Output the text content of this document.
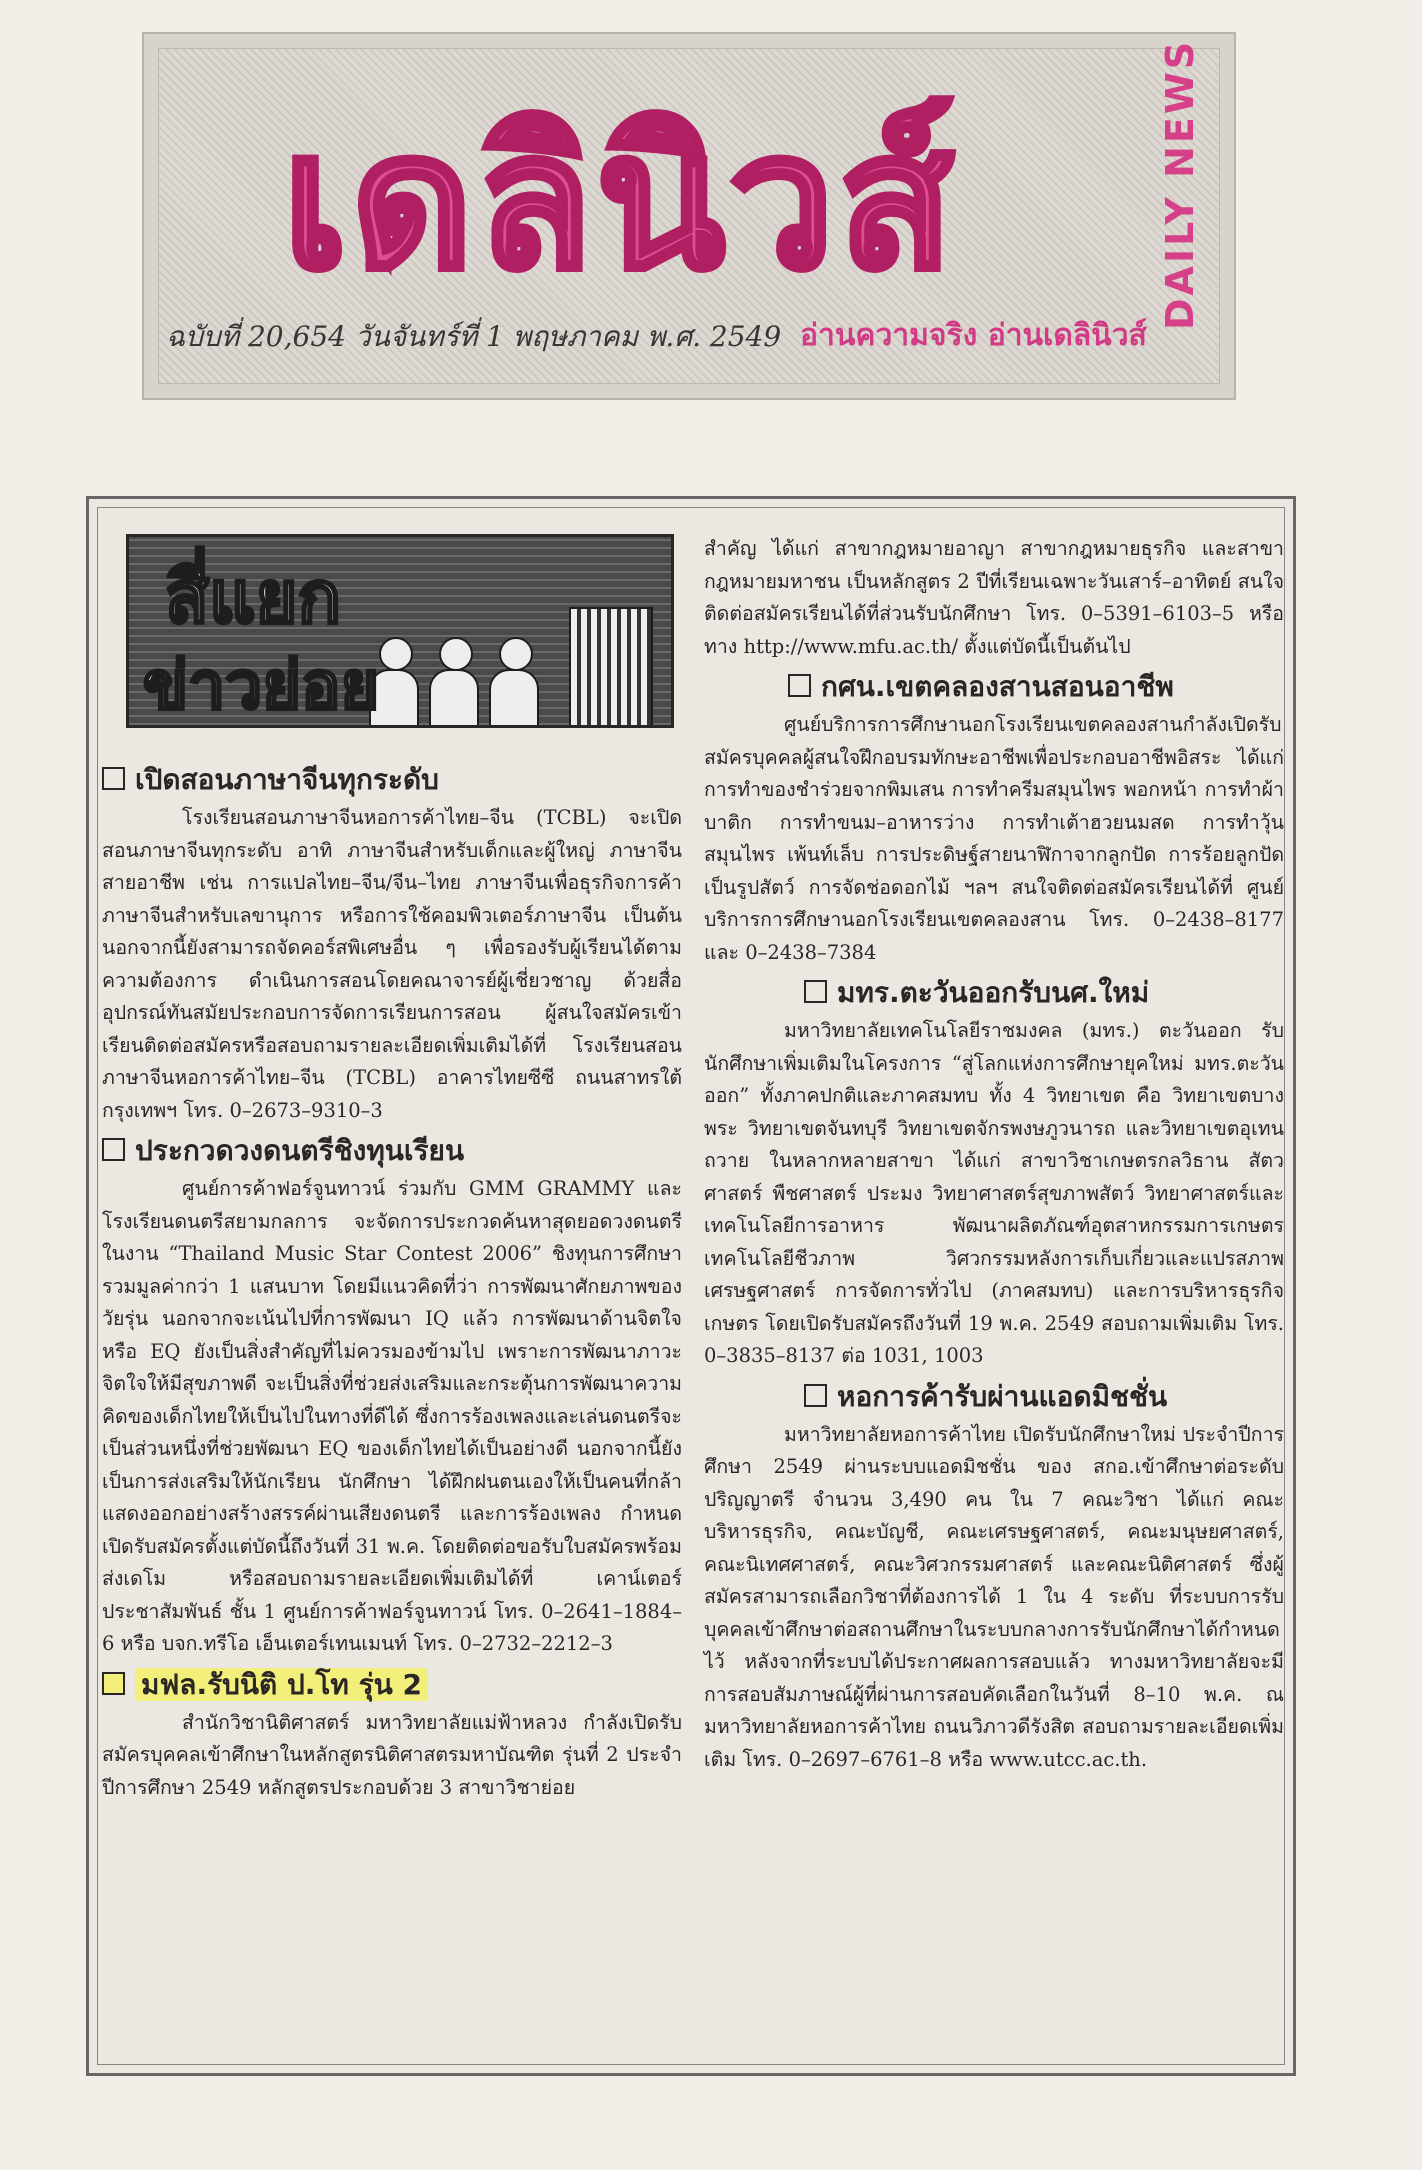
เดลินิวส์	DAILY NEWS
ฉบับที่ 20,654 วันจันทร์ที่ 1 พฤษภาคม พ.ศ. 2549 อ่านความจริง อ่านเดลินิวส์
สี่แยก
ข่าวย่อย
เปิดสอนภาษาจีนทุกระดับ

โรงเรียนสอนภาษาจีนหอการค้าไทย–จีน (TCBL) จะเปิดสอนภาษาจีนทุกระดับ อาทิ ภาษาจีนสำหรับเด็กและผู้ใหญ่ ภาษาจีนสายอาชีพ เช่น การแปลไทย–จีน/จีน–ไทย ภาษาจีนเพื่อธุรกิจการค้า ภาษาจีนสำหรับเลขานุการ หรือการใช้คอมพิวเตอร์ภาษาจีน เป็นต้น นอกจากนี้ยังสามารถจัดคอร์สพิเศษอื่น ๆ เพื่อรองรับผู้เรียนได้ตามความต้องการ ดำเนินการสอนโดยคณาจารย์ผู้เชี่ยวชาญ ด้วยสื่ออุปกรณ์ทันสมัยประกอบการจัดการเรียนการสอน ผู้สนใจสมัครเข้าเรียนติดต่อสมัครหรือสอบถามรายละเอียดเพิ่มเติมได้ที่ โรงเรียนสอนภาษาจีนหอการค้าไทย–จีน (TCBL) อาคารไทยซีซี ถนนสาทรใต้ กรุงเทพฯ โทร. 0–2673–9310–3

ประกวดวงดนตรีชิงทุนเรียน

ศูนย์การค้าฟอร์จูนทาวน์ ร่วมกับ GMM GRAMMY และโรงเรียนดนตรีสยามกลการ จะจัดการประกวดค้นหาสุดยอดวงดนตรี ในงาน “Thailand Music Star Contest 2006” ชิงทุนการศึกษารวมมูลค่ากว่า 1 แสนบาท โดยมีแนวคิดที่ว่า การพัฒนาศักยภาพของวัยรุ่น นอกจากจะเน้นไปที่การพัฒนา IQ แล้ว การพัฒนาด้านจิตใจ หรือ EQ ยังเป็นสิ่งสำคัญที่ไม่ควรมองข้ามไป เพราะการพัฒนาภาวะจิตใจให้มีสุขภาพดี จะเป็นสิ่งที่ช่วยส่งเสริมและกระตุ้นการพัฒนาความคิดของเด็กไทยให้เป็นไปในทางที่ดีได้ ซึ่งการร้องเพลงและเล่นดนตรีจะเป็นส่วนหนึ่งที่ช่วยพัฒนา EQ ของเด็กไทยได้เป็นอย่างดี นอกจากนี้ยังเป็นการส่งเสริมให้นักเรียน นักศึกษา ได้ฝึกฝนตนเองให้เป็นคนที่กล้าแสดงออกอย่างสร้างสรรค์ผ่านเสียงดนตรี และการร้องเพลง กำหนดเปิดรับสมัครตั้งแต่บัดนี้ถึงวันที่ 31 พ.ค. โดยติดต่อขอรับใบสมัครพร้อมส่งเดโม หรือสอบถามรายละเอียดเพิ่มเติมได้ที่ เคาน์เตอร์ประชาสัมพันธ์ ชั้น 1 ศูนย์การค้าฟอร์จูนทาวน์ โทร. 0–2641–1884–6 หรือ บจก.ทรีโอ เอ็นเตอร์เทนเมนท์ โทร. 0–2732–2212–3

มฟล.รับนิติ ป.โท รุ่น 2

สำนักวิชานิติศาสตร์ มหาวิทยาลัยแม่ฟ้าหลวง กำลังเปิดรับสมัครบุคคลเข้าศึกษาในหลักสูตรนิติศาสตรมหาบัณฑิต รุ่นที่ 2 ประจำปีการศึกษา 2549 หลักสูตรประกอบด้วย 3 สาขาวิชาย่อย

สำคัญ ได้แก่ สาขากฎหมายอาญา สาขากฎหมายธุรกิจ และสาขากฎหมายมหาชน เป็นหลักสูตร 2 ปีที่เรียนเฉพาะวันเสาร์–อาทิตย์ สนใจติดต่อสมัครเรียนได้ที่ส่วนรับนักศึกษา โทร. 0–5391–6103–5 หรือทาง http://www.mfu.ac.th/ ตั้งแต่บัดนี้เป็นต้นไป

กศน.เขตคลองสานสอนอาชีพ

ศูนย์บริการการศึกษานอกโรงเรียนเขตคลองสานกำลังเปิดรับสมัครบุคคลผู้สนใจฝึกอบรมทักษะอาชีพเพื่อประกอบอาชีพอิสระ ได้แก่ การทำของชำร่วยจากพิมเสน การทำครีมสมุนไพร พอกหน้า การทำผ้าบาติก การทำขนม–อาหารว่าง การทำเต้าฮวยนมสด การทำวุ้นสมุนไพร เพ้นท์เล็บ การประดิษฐ์สายนาฬิกาจากลูกปัด การร้อยลูกปัดเป็นรูปสัตว์ การจัดช่อดอกไม้ ฯลฯ สนใจติดต่อสมัครเรียนได้ที่ ศูนย์บริการการศึกษานอกโรงเรียนเขตคลองสาน โทร. 0–2438–8177 และ 0–2438–7384

มทร.ตะวันออกรับนศ.ใหม่

มหาวิทยาลัยเทคโนโลยีราชมงคล (มทร.) ตะวันออก รับนักศึกษาเพิ่มเติมในโครงการ “สู่โลกแห่งการศึกษายุคใหม่ มทร.ตะวันออก” ทั้งภาคปกติและภาคสมทบ ทั้ง 4 วิทยาเขต คือ วิทยาเขตบางพระ วิทยาเขตจันทบุรี วิทยาเขตจักรพงษภูวนารถ และวิทยาเขตอุเทนถวาย ในหลากหลายสาขา ได้แก่ สาขาวิชาเกษตรกลวิธาน สัตวศาสตร์ พืชศาสตร์ ประมง วิทยาศาสตร์สุขภาพสัตว์ วิทยาศาสตร์และเทคโนโลยีการอาหาร พัฒนาผลิตภัณฑ์อุตสาหกรรมการเกษตร เทคโนโลยีชีวภาพ วิศวกรรมหลังการเก็บเกี่ยวและแปรสภาพ เศรษฐศาสตร์ การจัดการทั่วไป (ภาคสมทบ) และการบริหารธุรกิจเกษตร โดยเปิดรับสมัครถึงวันที่ 19 พ.ค. 2549 สอบถามเพิ่มเติม โทร. 0–3835–8137 ต่อ 1031, 1003

หอการค้ารับผ่านแอดมิชชั่น

มหาวิทยาลัยหอการค้าไทย เปิดรับนักศึกษาใหม่ ประจำปีการศึกษา 2549 ผ่านระบบแอดมิชชั่น ของ สกอ.เข้าศึกษาต่อระดับปริญญาตรี จำนวน 3,490 คน ใน 7 คณะวิชา ได้แก่ คณะบริหารธุรกิจ, คณะบัญชี, คณะเศรษฐศาสตร์, คณะมนุษยศาสตร์, คณะนิเทศศาสตร์, คณะวิศวกรรมศาสตร์ และคณะนิติศาสตร์ ซึ่งผู้สมัครสามารถเลือกวิชาที่ต้องการได้ 1 ใน 4 ระดับ ที่ระบบการรับบุคคลเข้าศึกษาต่อสถานศึกษาในระบบกลางการรับนักศึกษาได้กำหนดไว้ หลังจากที่ระบบได้ประกาศผลการสอบแล้ว ทางมหาวิทยาลัยจะมีการสอบสัมภาษณ์ผู้ที่ผ่านการสอบคัดเลือกในวันที่ 8–10 พ.ค. ณ มหาวิทยาลัยหอการค้าไทย ถนนวิภาวดีรังสิต สอบถามรายละเอียดเพิ่มเติม โทร. 0–2697–6761–8 หรือ www.utcc.ac.th.
